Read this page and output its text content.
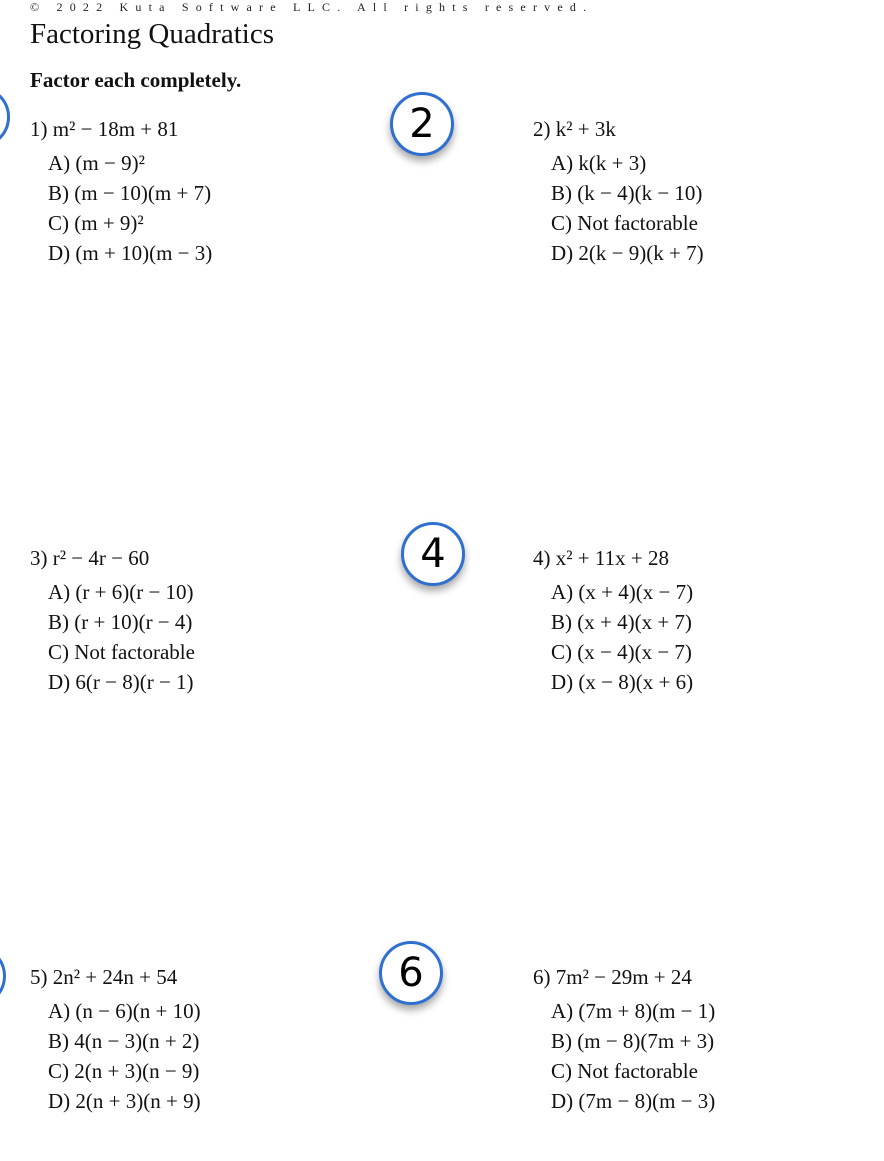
© 2022 Kuta Software LLC. All rights reserved.
Factoring Quadratics
Factor each completely.
2
4
6
1) m² − 18m + 81
A) (m − 9)²
B) (m − 10)(m + 7)
C) (m + 9)²
D) (m + 10)(m − 3)
2) k² + 3k
A) k(k + 3)
B) (k − 4)(k − 10)
C) Not factorable
D) 2(k − 9)(k + 7)
3) r² − 4r − 60
A) (r + 6)(r − 10)
B) (r + 10)(r − 4)
C) Not factorable
D) 6(r − 8)(r − 1)
4) x² + 11x + 28
A) (x + 4)(x − 7)
B) (x + 4)(x + 7)
C) (x − 4)(x − 7)
D) (x − 8)(x + 6)
5) 2n² + 24n + 54
A) (n − 6)(n + 10)
B) 4(n − 3)(n + 2)
C) 2(n + 3)(n − 9)
D) 2(n + 3)(n + 9)
6) 7m² − 29m + 24
A) (7m + 8)(m − 1)
B) (m − 8)(7m + 3)
C) Not factorable
D) (7m − 8)(m − 3)
